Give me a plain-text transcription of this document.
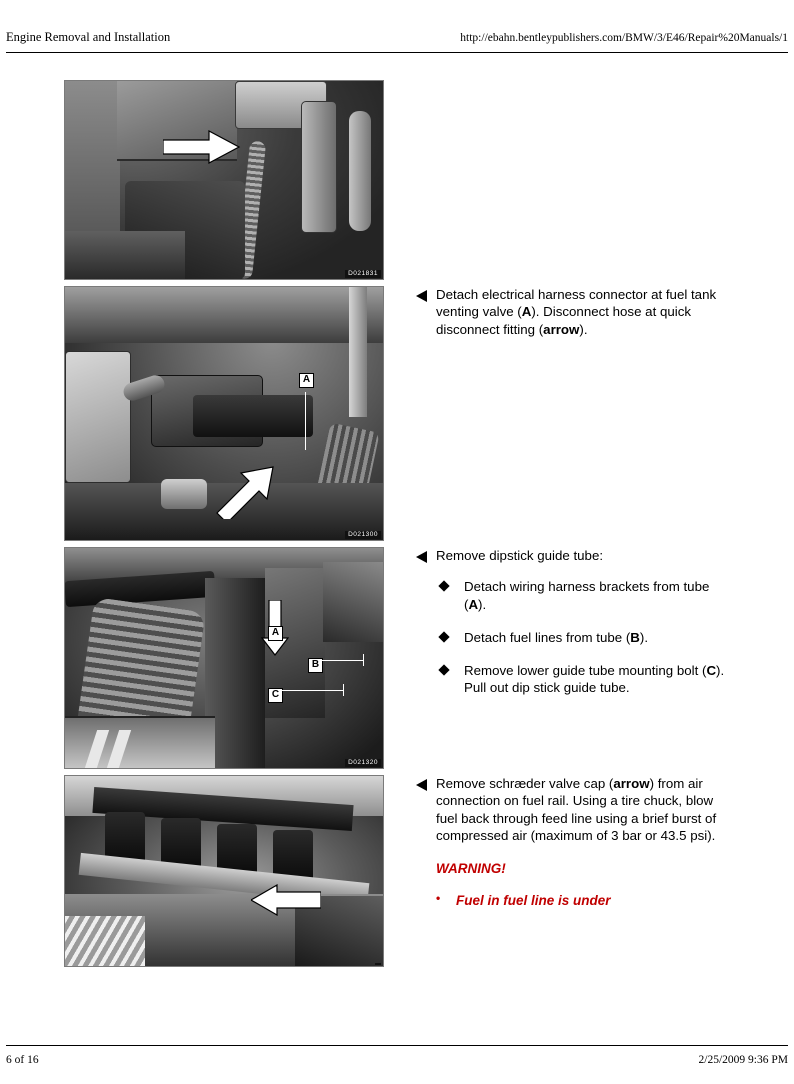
Engine Removal and Installation	http://ebahn.bentleypublishers.com/BMW/3/E46/Repair%20Manuals/1
D021831
A
D021300

Detach electrical harness connector at fuel tank venting valve (A). Disconnect hose at quick disconnect fitting (arrow).

A
B
C
D021320

Remove dipstick guide tube:

Detach wiring harness brackets from tube (A).
Detach fuel lines from tube (B).
Remove lower guide tube mounting bolt (C). Pull out dip stick guide tube.

Remove schræder valve cap (arrow) from air connection on fuel rail. Using a tire chuck, blow fuel back through feed line using a brief burst of compressed air (maximum of 3 bar or 43.5 psi).

WARNING!

•	Fuel in fuel line is under
6 of 16	2/25/2009 9:36 PM
